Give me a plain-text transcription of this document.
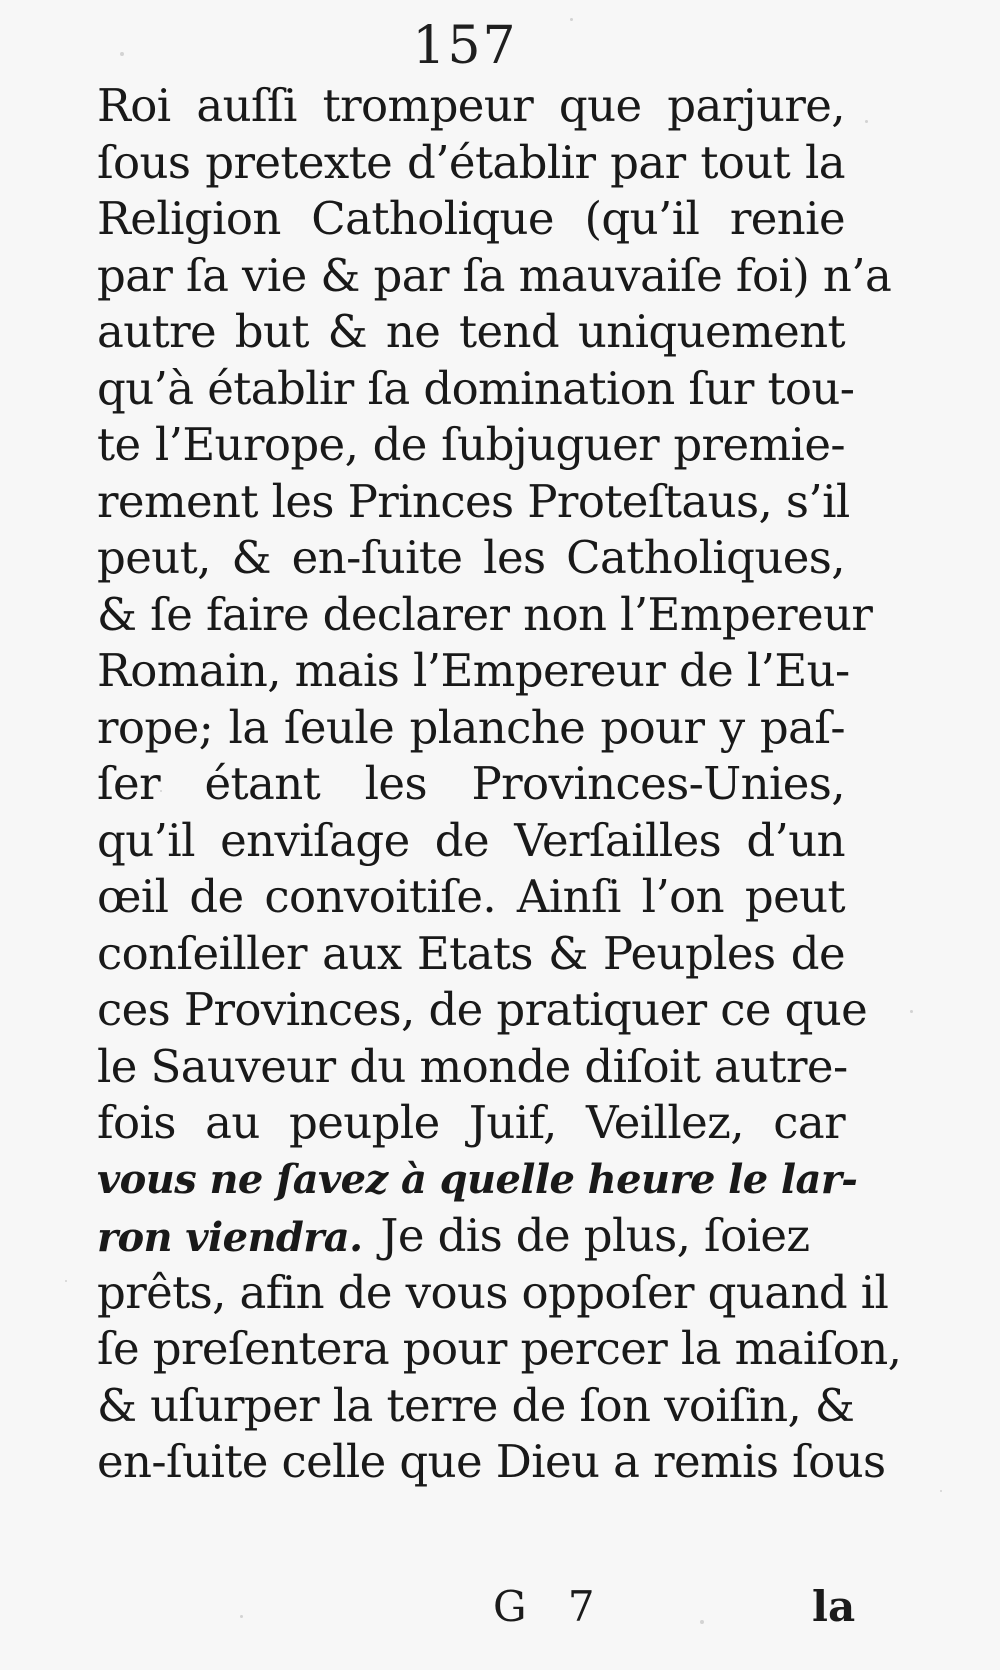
157
Roi auſſi trompeur que parjure,
ſous pretexte d’établir par tout la
Religion Catholique (qu’il renie
par ſa vie & par ſa mauvaiſe foi) n’a
autre but & ne tend uniquement
qu’à établir ſa domination ſur tou-
te l’Europe, de ſubjuguer premie-
rement les Princes Proteſtaus, s’il
peut, & en-ſuite les Catholiques,
& ſe faire declarer non l’Empereur
Romain, mais l’Empereur de l’Eu-
rope; la ſeule planche pour y paſ-
ſer étant les Provinces-Unies,
qu’il enviſage de Verſailles d’un
œil de convoitiſe. Ainſi l’on peut
conſeiller aux Etats & Peuples de
ces Provinces, de pratiquer ce que
le Sauveur du monde diſoit autre-
fois au peuple Juif, Veillez, car
vous ne ſavez à quelle heure le lar-
ron viendra. Je dis de plus, ſoiez
prêts, afin de vous oppoſer quand il
ſe preſentera pour percer la maiſon,
& uſurper la terre de ſon voiſin, &
en-ſuite celle que Dieu a remis ſous
G 7	la
